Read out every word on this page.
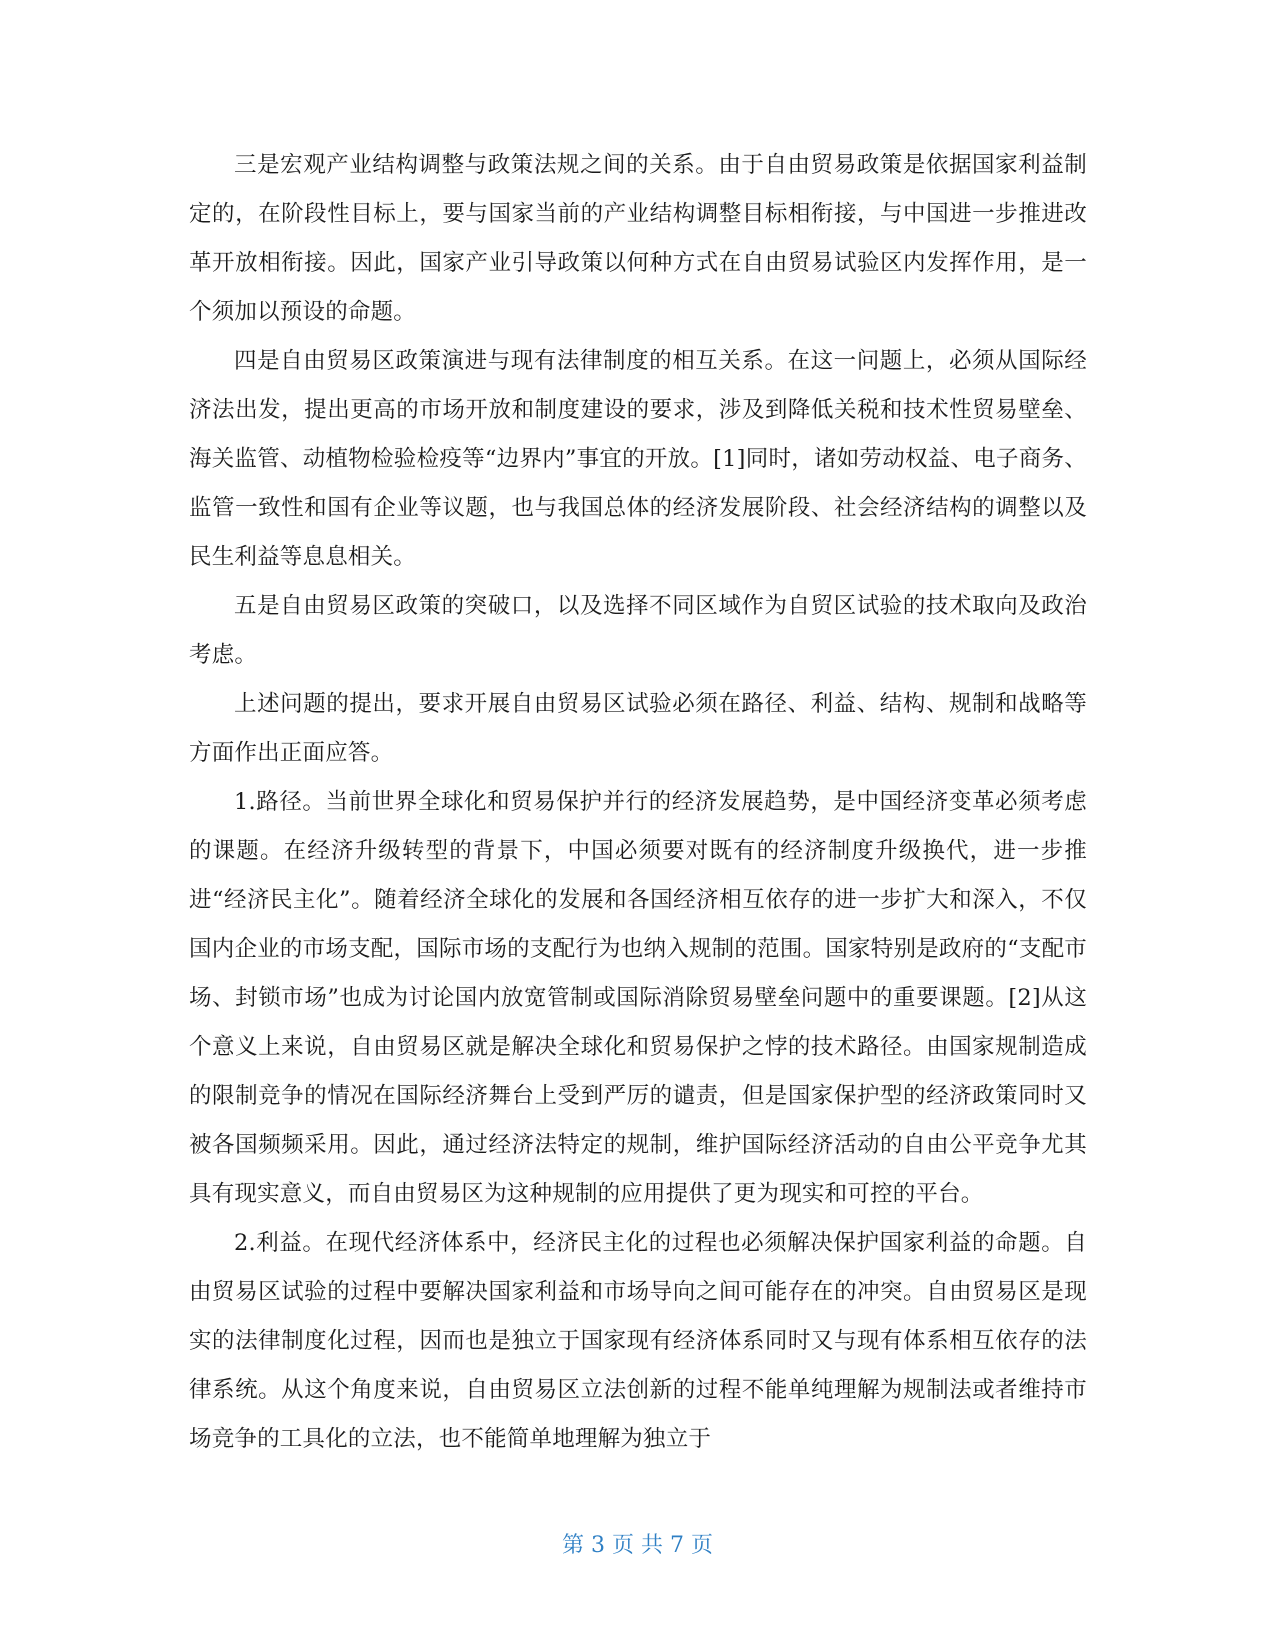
三是宏观产业结构调整与政策法规之间的关系。由于自由贸易政策是依据国家利益制定的，在阶段性目标上，要与国家当前的产业结构调整目标相衔接，与中国进一步推进改革开放相衔接。因此，国家产业引导政策以何种方式在自由贸易试验区内发挥作用，是一个须加以预设的命题。

四是自由贸易区政策演进与现有法律制度的相互关系。在这一问题上，必须从国际经济法出发，提出更高的市场开放和制度建设的要求，涉及到降低关税和技术性贸易壁垒、海关监管、动植物检验检疫等“边界内”事宜的开放。[1]同时，诸如劳动权益、电子商务、监管一致性和国有企业等议题，也与我国总体的经济发展阶段、社会经济结构的调整以及民生利益等息息相关。

五是自由贸易区政策的突破口，以及选择不同区域作为自贸区试验的技术取向及政治考虑。

上述问题的提出，要求开展自由贸易区试验必须在路径、利益、结构、规制和战略等方面作出正面应答。

1.路径。当前世界全球化和贸易保护并行的经济发展趋势，是中国经济变革必须考虑的课题。在经济升级转型的背景下，中国必须要对既有的经济制度升级换代，进一步推进“经济民主化”。随着经济全球化的发展和各国经济相互依存的进一步扩大和深入，不仅国内企业的市场支配，国际市场的支配行为也纳入规制的范围。国家特别是政府的“支配市场、封锁市场”也成为讨论国内放宽管制或国际消除贸易壁垒问题中的重要课题。[2]从这个意义上来说，自由贸易区就是解决全球化和贸易保护之悖的技术路径。由国家规制造成的限制竞争的情况在国际经济舞台上受到严厉的谴责，但是国家保护型的经济政策同时又被各国频频采用。因此，通过经济法特定的规制，维护国际经济活动的自由公平竞争尤其具有现实意义，而自由贸易区为这种规制的应用提供了更为现实和可控的平台。

2.利益。在现代经济体系中，经济民主化的过程也必须解决保护国家利益的命题。自由贸易区试验的过程中要解决国家利益和市场导向之间可能存在的冲突。自由贸易区是现实的法律制度化过程，因而也是独立于国家现有经济体系同时又与现有体系相互依存的法律系统。从这个角度来说，自由贸易区立法创新的过程不能单纯理解为规制法或者维持市场竞争的工具化的立法，也不能简单地理解为独立于

第 3 页 共 7 页
